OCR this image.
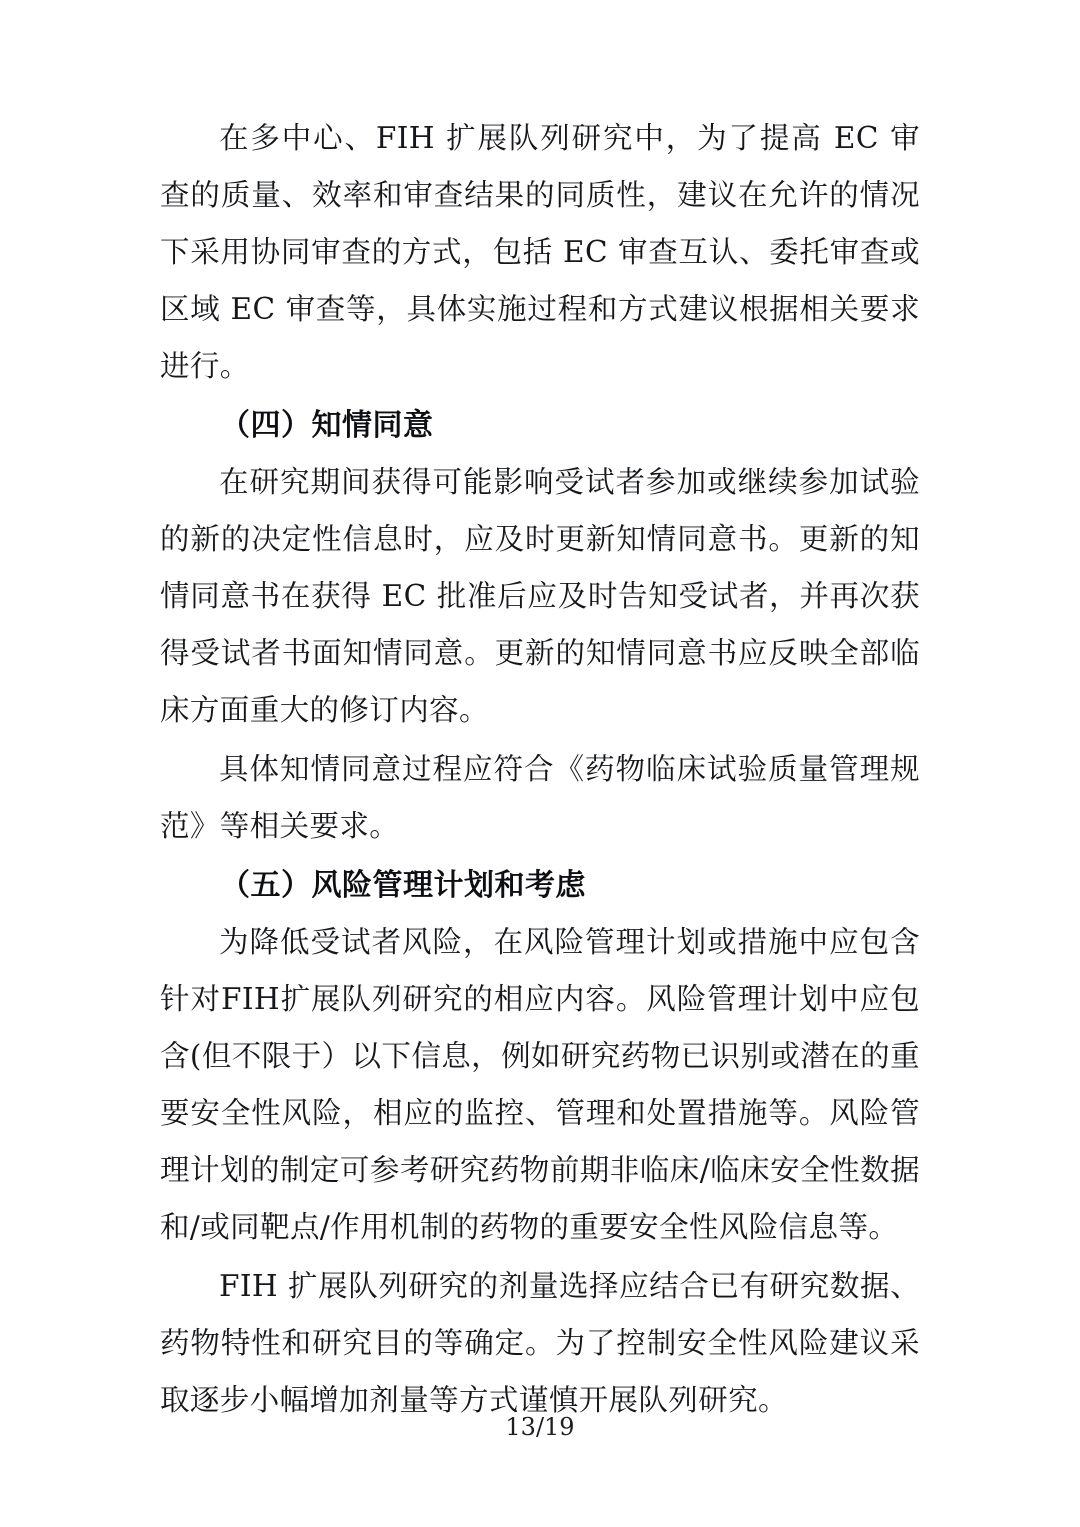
在多中心、FIH 扩展队列研究中，为了提高 EC 审查的质量、效率和审查结果的同质性，建议在允许的情况下采用协同审查的方式，包括 EC 审查互认、委托审查或区域 EC 审查等，具体实施过程和方式建议根据相关要求进行。

（四）知情同意

在研究期间获得可能影响受试者参加或继续参加试验的新的决定性信息时，应及时更新知情同意书。更新的知情同意书在获得 EC 批准后应及时告知受试者，并再次获得受试者书面知情同意。更新的知情同意书应反映全部临床方面重大的修订内容。

具体知情同意过程应符合《药物临床试验质量管理规范》等相关要求。

（五）风险管理计划和考虑

为降低受试者风险，在风险管理计划或措施中应包含针对FIH扩展队列研究的相应内容。风险管理计划中应包含(但不限于）以下信息，例如研究药物已识别或潜在的重要安全性风险，相应的监控、管理和处置措施等。风险管理计划的制定可参考研究药物前期非临床/临床安全性数据和/或同靶点/作用机制的药物的重要安全性风险信息等。

FIH 扩展队列研究的剂量选择应结合已有研究数据、药物特性和研究目的等确定。为了控制安全性风险建议采取逐步小幅增加剂量等方式谨慎开展队列研究。

13/19
